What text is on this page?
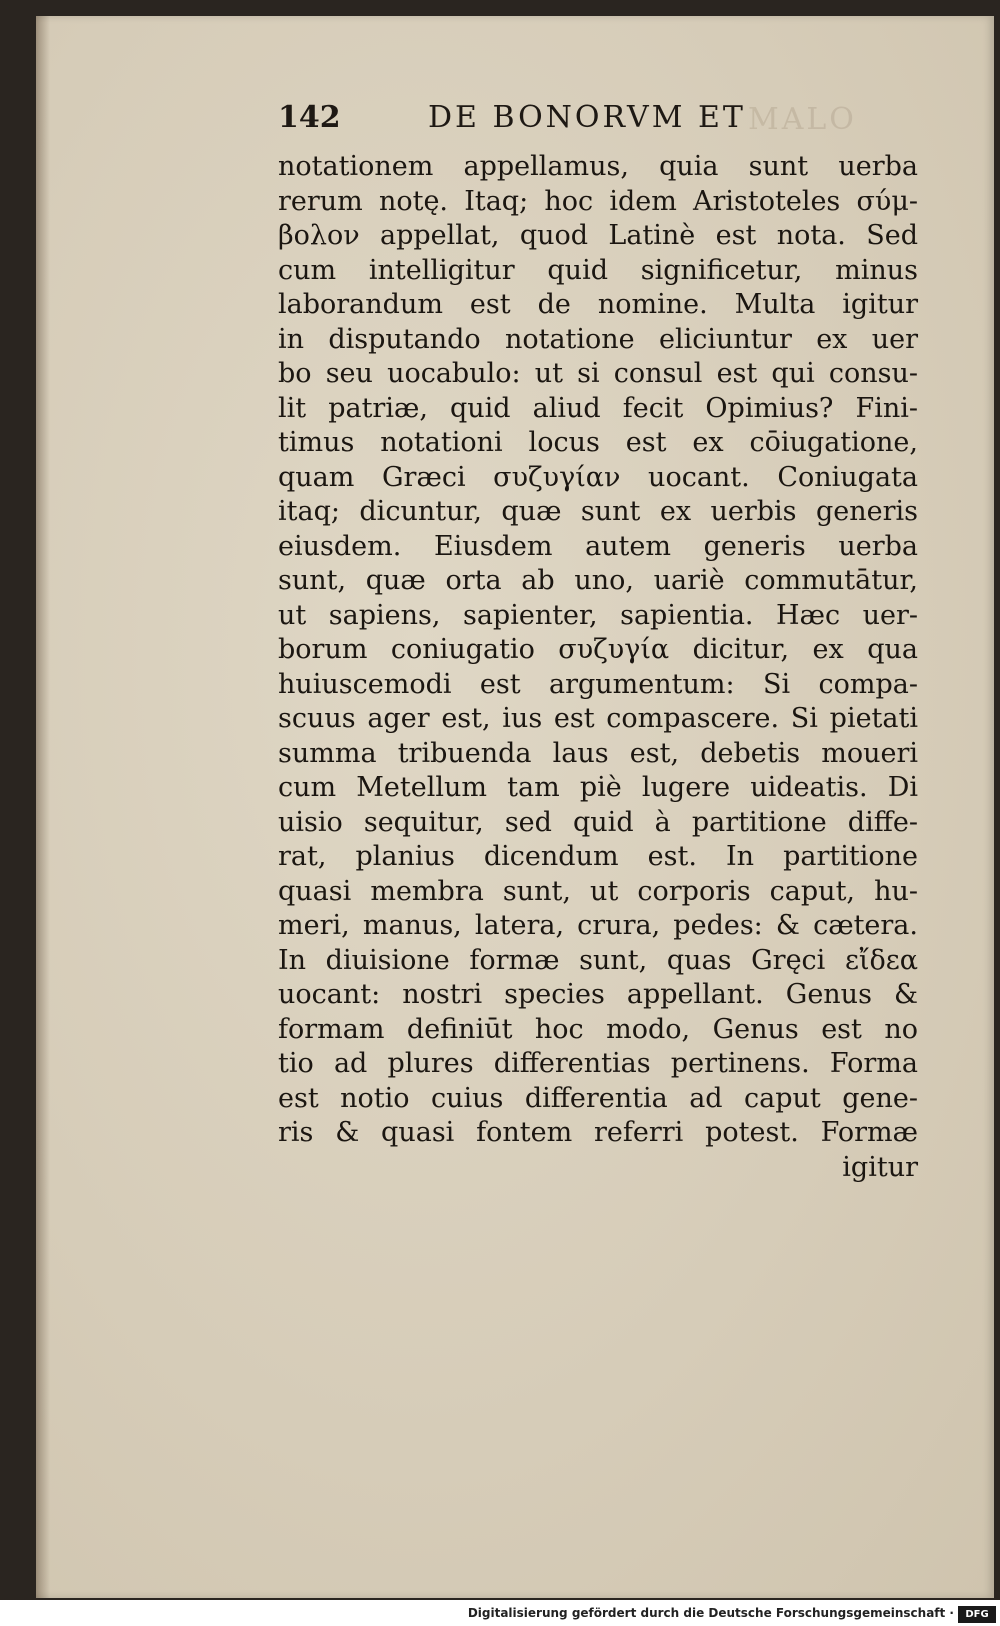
142	DE BONORVM ET MALO
notationem appellamus, quia sunt uerba
rerum notę. Itaq; hoc idem Aristoteles σύμ-
βολον appellat, quod Latinè est nota. Sed
cum intelligitur quid significetur, minus
laborandum est de nomine. Multa igitur
in disputando notatione eliciuntur ex uer
bo seu uocabulo: ut si consul est qui consu-
lit patriæ, quid aliud fecit Opimius? Fini-
timus notationi locus est ex cōiugatione,
quam Græci συζυγίαν uocant. Coniugata
itaq; dicuntur, quæ sunt ex uerbis generis
eiusdem. Eiusdem autem generis uerba
sunt, quæ orta ab uno, uariè commutātur,
ut sapiens, sapienter, sapientia. Hæc uer-
borum coniugatio συζυγία dicitur, ex qua
huiuscemodi est argumentum: Si compa-
scuus ager est, ius est compascere. Si pietati
summa tribuenda laus est, debetis moueri
cum Metellum tam piè lugere uideatis. Di
uisio sequitur, sed quid à partitione diffe-
rat, planius dicendum est. In partitione
quasi membra sunt, ut corporis caput, hu-
meri, manus, latera, crura, pedes: & cætera.
In diuisione formæ sunt, quas Gręci εἴδεα
uocant: nostri species appellant. Genus &
formam definiūt hoc modo, Genus est no
tio ad plures differentias pertinens. Forma
est notio cuius differentia ad caput gene-
ris & quasi fontem referri potest. Formæ
igitur
Digitalisierung gefördert durch die Deutsche Forschungsgemeinschaft ·	DFG
